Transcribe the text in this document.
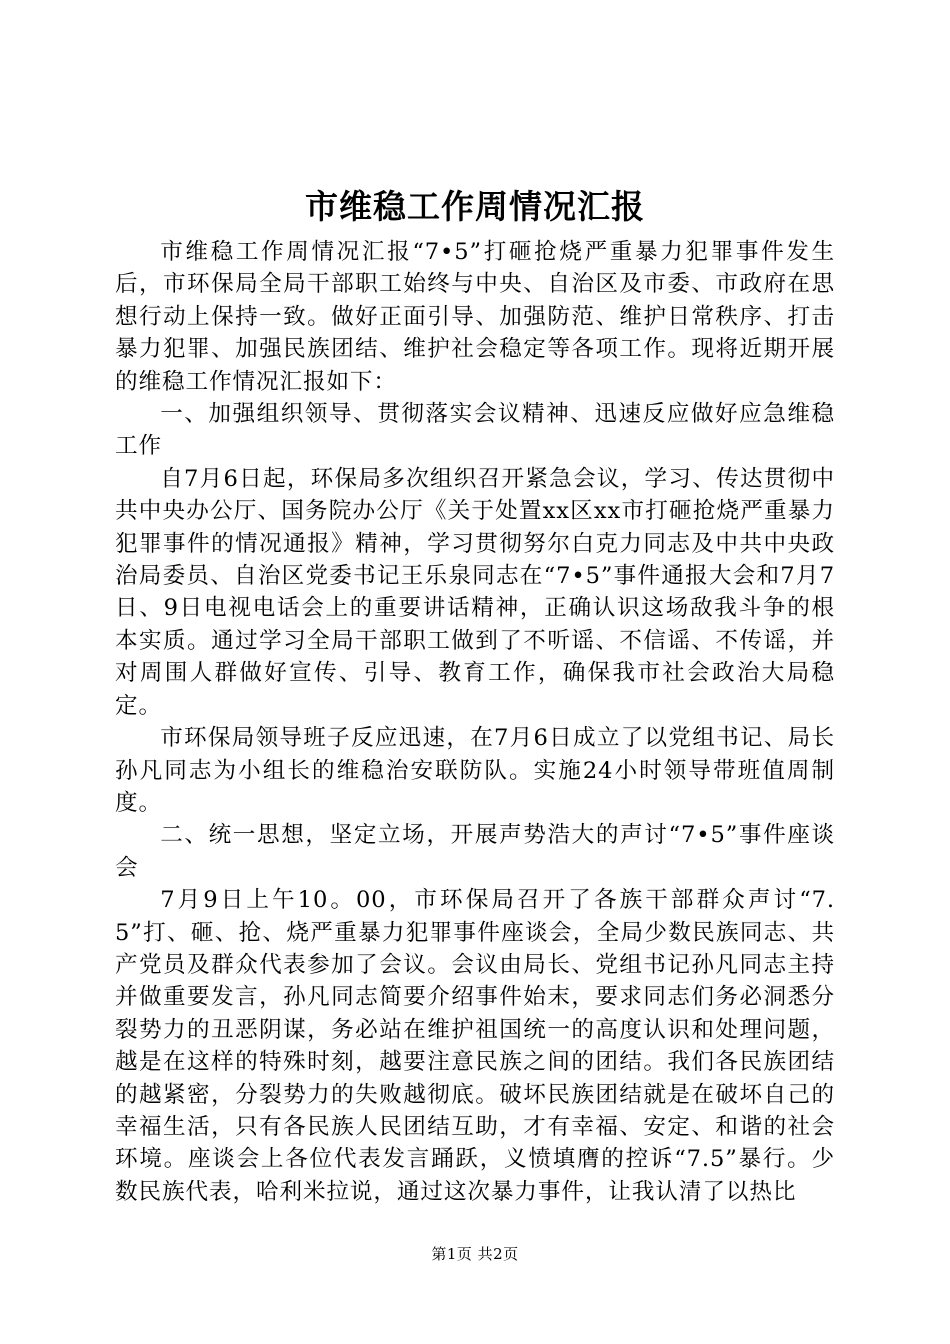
市维稳工作周情况汇报

市维稳工作周情况汇报“7•5”打砸抢烧严重暴力犯罪事件发生后，市环保局全局干部职工始终与中央、自治区及市委、市政府在思想行动上保持一致。做好正面引导、加强防范、维护日常秩序、打击暴力犯罪、加强民族团结、维护社会稳定等各项工作。现将近期开展的维稳工作情况汇报如下：

一、加强组织领导、贯彻落实会议精神、迅速反应做好应急维稳工作

自7月6日起，环保局多次组织召开紧急会议，学习、传达贯彻中共中央办公厅、国务院办公厅《关于处置xx区xx市打砸抢烧严重暴力犯罪事件的情况通报》精神，学习贯彻努尔白克力同志及中共中央政治局委员、自治区党委书记王乐泉同志在“7•5”事件通报大会和7月7日、9日电视电话会上的重要讲话精神，正确认识这场敌我斗争的根本实质。通过学习全局干部职工做到了不听谣、不信谣、不传谣，并对周围人群做好宣传、引导、教育工作，确保我市社会政治大局稳定。

市环保局领导班子反应迅速，在7月6日成立了以党组书记、局长孙凡同志为小组长的维稳治安联防队。实施24小时领导带班值周制度。

二、统一思想，坚定立场，开展声势浩大的声讨“7•5”事件座谈会

7月9日上午10。00，市环保局召开了各族干部群众声讨“7.5”打、砸、抢、烧严重暴力犯罪事件座谈会，全局少数民族同志、共产党员及群众代表参加了会议。会议由局长、党组书记孙凡同志主持并做重要发言，孙凡同志简要介绍事件始末，要求同志们务必洞悉分裂势力的丑恶阴谋，务必站在维护祖国统一的高度认识和处理问题，越是在这样的特殊时刻，越要注意民族之间的团结。我们各民族团结的越紧密，分裂势力的失败越彻底。破坏民族团结就是在破坏自己的幸福生活，只有各民族人民团结互助，才有幸福、安定、和谐的社会环境。座谈会上各位代表发言踊跃，义愤填膺的控诉“7.5”暴行。少数民族代表，哈利米拉说，通过这次暴力事件，让我认清了以热比

第1页 共2页
